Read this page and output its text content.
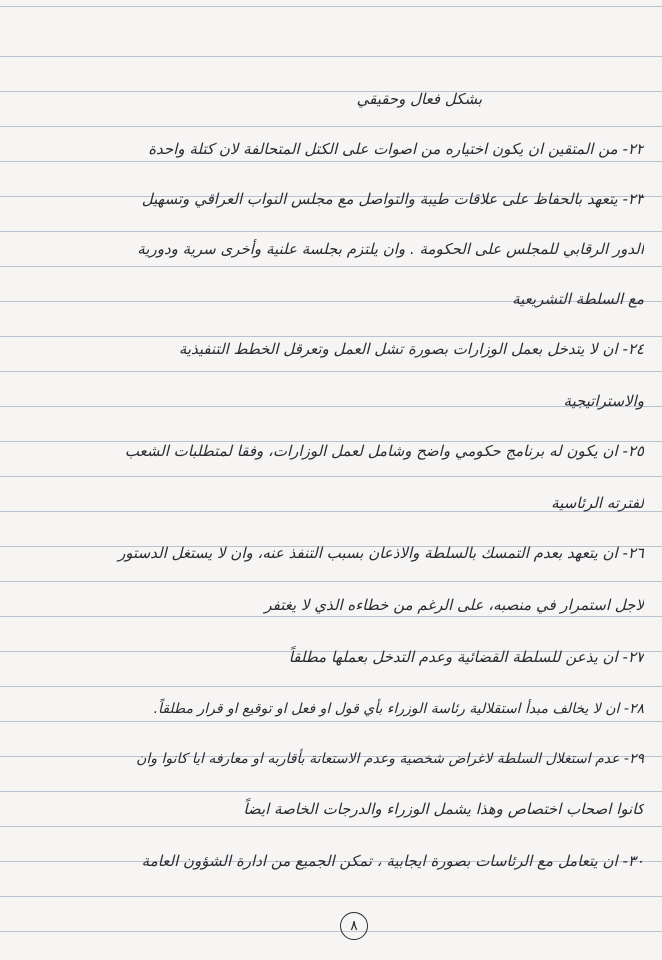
بشكل فعال وحقيقي
٢٢- من المتقين ان يكون اختياره من اصوات على الكتل المتحالفة لان كتلة واحدة
٢٣- يتعهد بالحفاظ على علاقات طيبة والتواصل مع مجلس النواب العراقي وتسهيل
الدور الرقابي للمجلس على الحكومة . وان يلتزم بجلسة علنية وأخرى سرية ودورية
مع السلطة التشريعية
٢٤- ان لا يتدخل بعمل الوزارات بصورة تشل العمل وتعرقل الخطط التنفيذية
والاستراتيجية
٢٥- ان يكون له برنامج حكومي واضح وشامل لعمل الوزارات، وفقا لمتطلبات الشعب
لفترته الرئاسية
٢٦- ان يتعهد بعدم التمسك بالسلطة والاذعان بسبب التنفذ عنه، وان لا يستغل الدستور
لاجل استمرار في منصبه، على الرغم من خطاءه الذي لا يغتفر
٢٧- ان يذعن للسلطة القضائية وعدم التدخل بعملها مطلقاً
٢٨- ان لا يخالف مبدأ استقلالية رئاسة الوزراء بأي قول او فعل او توقيع او قرار مطلقاً.
٢٩- عدم استغلال السلطة لاغراض شخصية وعدم الاستعانة بأقاربه او معارفه ايا كانوا وان
كانوا اصحاب اختصاص وهذا يشمل الوزراء والدرجات الخاصة ايضاً
٣٠- ان يتعامل مع الرئاسات بصورة ايجابية ، تمكن الجميع من ادارة الشؤون العامة
٨
